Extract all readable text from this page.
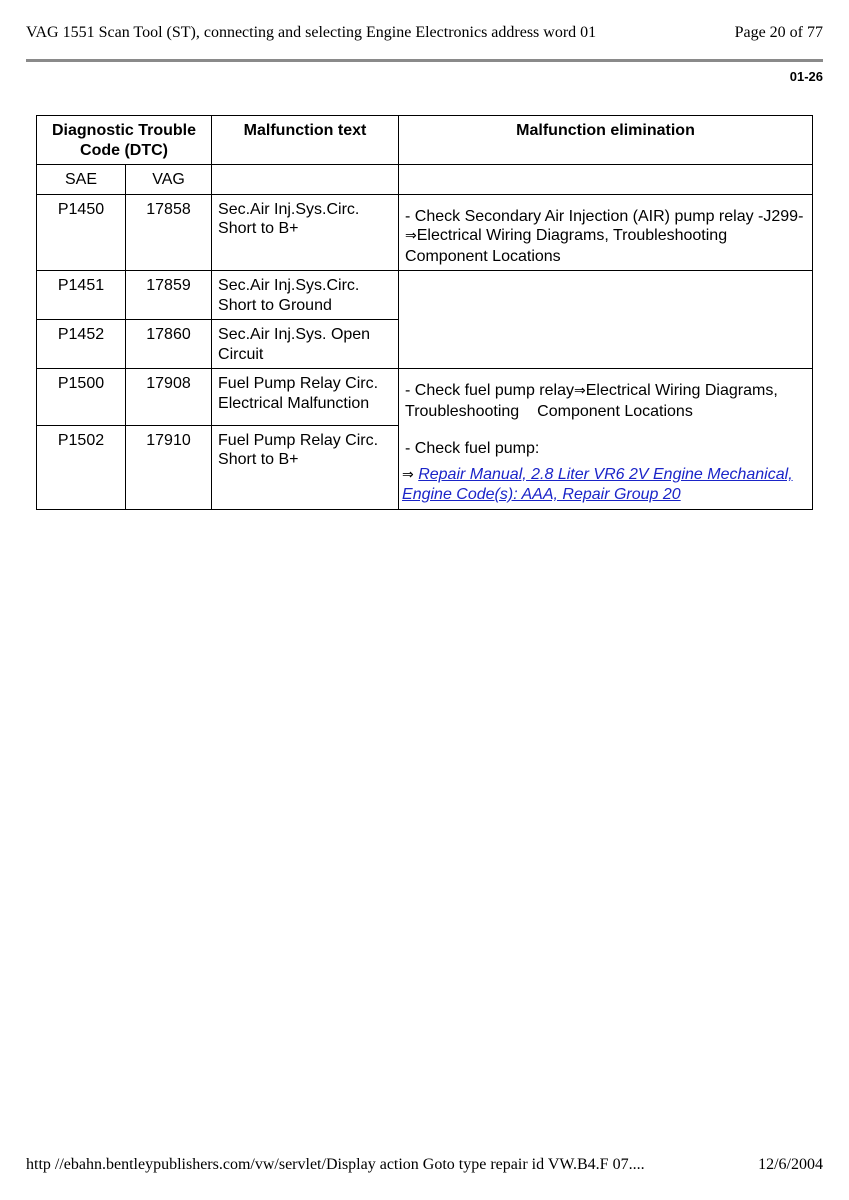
VAG 1551 Scan Tool (ST), connecting and selecting Engine Electronics address word 01	Page 20 of 77
01-26
Diagnostic Trouble Code (DTC)		Malfunction text	Malfunction elimination
SAE	VAG		
P1450	17858	Sec.Air Inj.Sys.Circ. Short to B+	- Check Secondary Air Injection (AIR) pump relay -J299- ⇒Electrical Wiring Diagrams, TroubleshootingComponent Locations
P1451	17859	Sec.Air Inj.Sys.Circ. Short to Ground	
P1452	17860	Sec.Air Inj.Sys. Open Circuit	
P1500	17908	Fuel Pump Relay Circ. Electrical Malfunction	- Check fuel pump relay⇒Electrical Wiring Diagrams, Troubleshooting Component Locations
P1502	17910	Fuel Pump Relay Circ. Short to B+	- Check fuel pump:
⇒ Repair Manual, 2.8 Liter VR6 2V Engine Mechanical, Engine Code(s): AAA, Repair Group 20
http //ebahn.bentleypublishers.com/vw/servlet/Display action Goto type repair id VW.B4.F 07....	12/6/2004
